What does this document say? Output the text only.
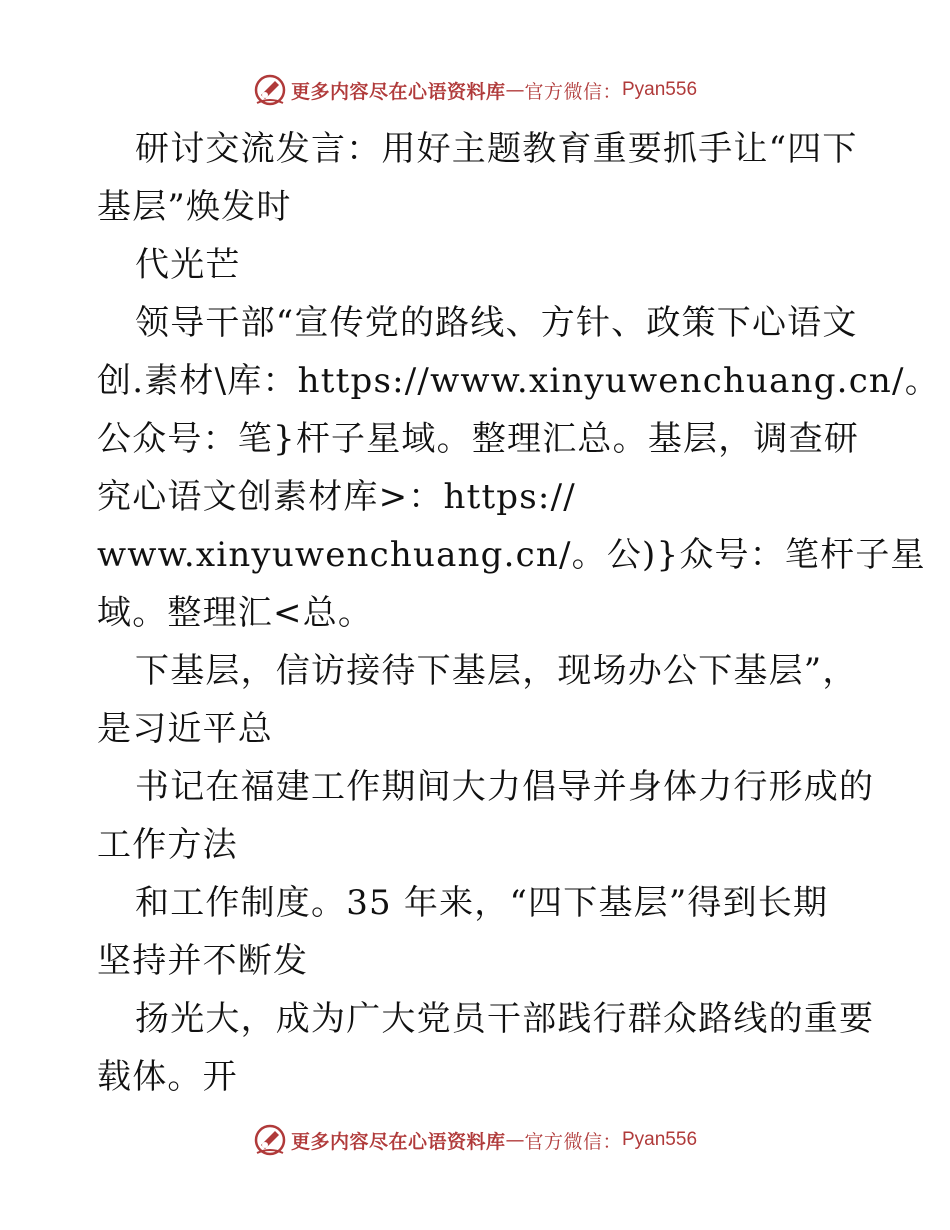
更多内容尽在心语资料库 — 官方微信： Pyan556
研讨交流发言：用好主题教育重要抓手让“四下
基层”焕发时
代光芒
领导干部“宣传党的路线、方针、政策下心语文
创.素材\库：https://www.xinyuwenchuang.cn/。
公众号：笔}杆子星域。整理汇总。基层，调查研
究心语文创素材库>：https://
www.xinyuwenchuang.cn/。公)}众号：笔杆子星
域。整理汇<总。
下基层，信访接待下基层，现场办公下基层”，
是习近平总
书记在福建工作期间大力倡导并身体力行形成的
工作方法
和工作制度。35 年来，“四下基层”得到长期
坚持并不断发
扬光大，成为广大党员干部践行群众路线的重要
载体。开
更多内容尽在心语资料库 — 官方微信： Pyan556
